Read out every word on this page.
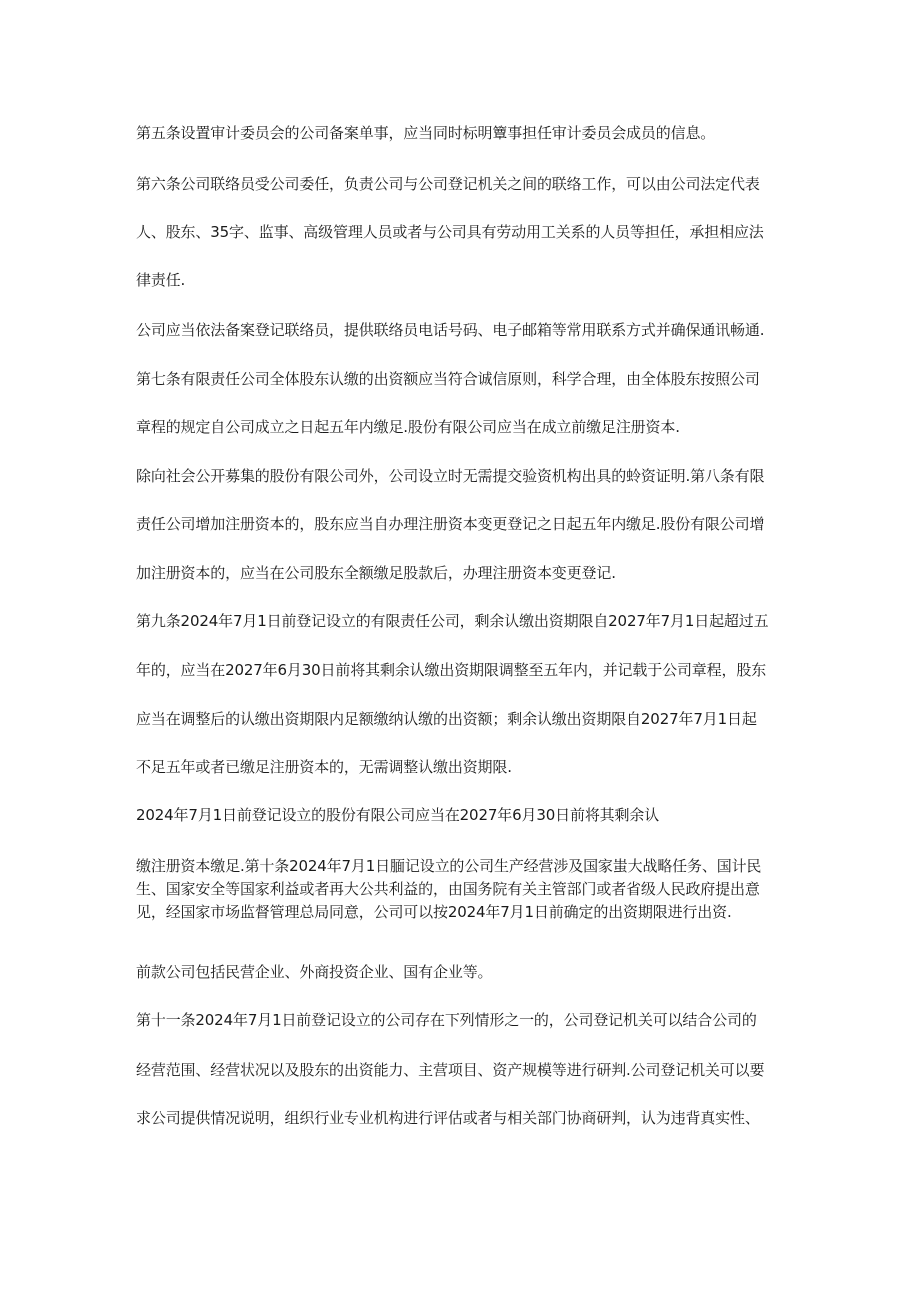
第五条设置审计委员会的公司备案单事，应当同时标明簟事担任审计委员会成员的信息。
第六条公司联络员受公司委任，负责公司与公司登记机关之间的联络工作，可以由公司法定代表
人、股东、35字、监事、高级管理人员或者与公司具有劳动用工关系的人员等担任，承担相应法
律责任.
公司应当依法备案登记联络员，提供联络员电话号码、电子邮箱等常用联系方式并确保通讯畅通.
第七条有限责任公司全体股东认缴的出资额应当符合诚信原则，科学合理，由全体股东按照公司
章程的规定自公司成立之日起五年内缴足.股份有限公司应当在成立前缴足注册资本.
除向社会公开募集的股份有限公司外，公司设立时无需提交验资机构出具的蛉资证明.第八条有限
责任公司增加注册资本的，股东应当自办理注册资本变更登记之日起五年内缴足.股份有限公司增
加注册资本的，应当在公司股东全额缴足股款后，办理注册资本变更登记.
第九条2024年7月1日前登记设立的有限责任公司，剩余认缴出资期限自2027年7月1日起超过五
年的，应当在2027年6月30日前将其剩余认缴出资期限调整至五年内，并记载于公司章程，股东
应当在调整后的认缴出资期限内足额缴纳认缴的出资额；剩余认缴出资期限自2027年7月1日起
不足五年或者已缴足注册资本的，无需调整认缴出资期限.
2024年7月1日前登记设立的股份有限公司应当在2027年6月30日前将其剩余认
缴注册资本缴足.第十条2024年7月1日腼记设立的公司生产经营涉及国家蚩大战略任务、国计民
生、国家安全等国家利益或者再大公共利益的，由国务院有关主管部门或者省级人民政府提出意
见，经国家市场监督管理总局同意，公司可以按2024年7月1日前确定的出资期限进行出资.
前款公司包括民营企业、外商投资企业、国有企业等。
第十一条2024年7月1日前登记设立的公司存在下列情形之一的，公司登记机关可以结合公司的
经营范围、经营状况以及股东的出资能力、主营项目、资产规模等进行研判.公司登记机关可以要
求公司提供情况说明，组织行业专业机构进行评估或者与相关部门协商研判，认为违背真实性、
